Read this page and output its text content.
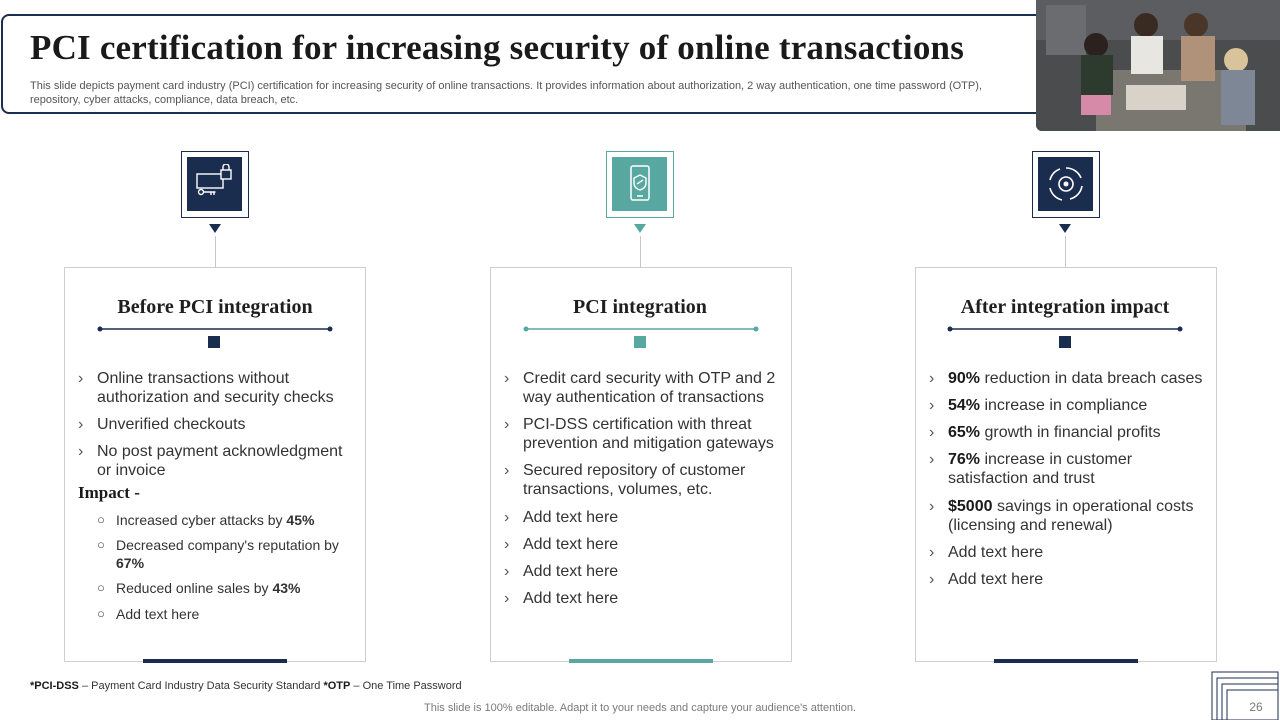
PCI certification for increasing security of online transactions
This slide depicts payment card industry (PCI) certification for increasing security of online transactions. It provides information about authorization, 2 way authentication, one time password (OTP), repository, cyber attacks, compliance, data breach, etc.
Before PCI integration
› Online transactions without
authorization and security checks
› Unverified checkouts
› No post payment acknowledgment
or invoice
Impact -
○ Increased cyber attacks by 45%
○ Decreased company's reputation by 67%
○ Reduced online sales by 43%
○ Add text here
PCI integration
› Credit card security with OTP and 2
way authentication of transactions
› PCI-DSS certification with threat
prevention and mitigation gateways
› Secured repository of customer
transactions, volumes, etc.
› Add text here
› Add text here
› Add text here
› Add text here
After integration impact
› 90% reduction in data breach cases
› 54% increase in compliance
› 65% growth in financial profits
› 76% increase in customer
satisfaction and trust
› $5000 savings in operational costs
(licensing and renewal)
› Add text here
› Add text here
*PCI-DSS – Payment Card Industry Data Security Standard *OTP – One Time Password
This slide is 100% editable. Adapt it to your needs and capture your audience's attention.	26
